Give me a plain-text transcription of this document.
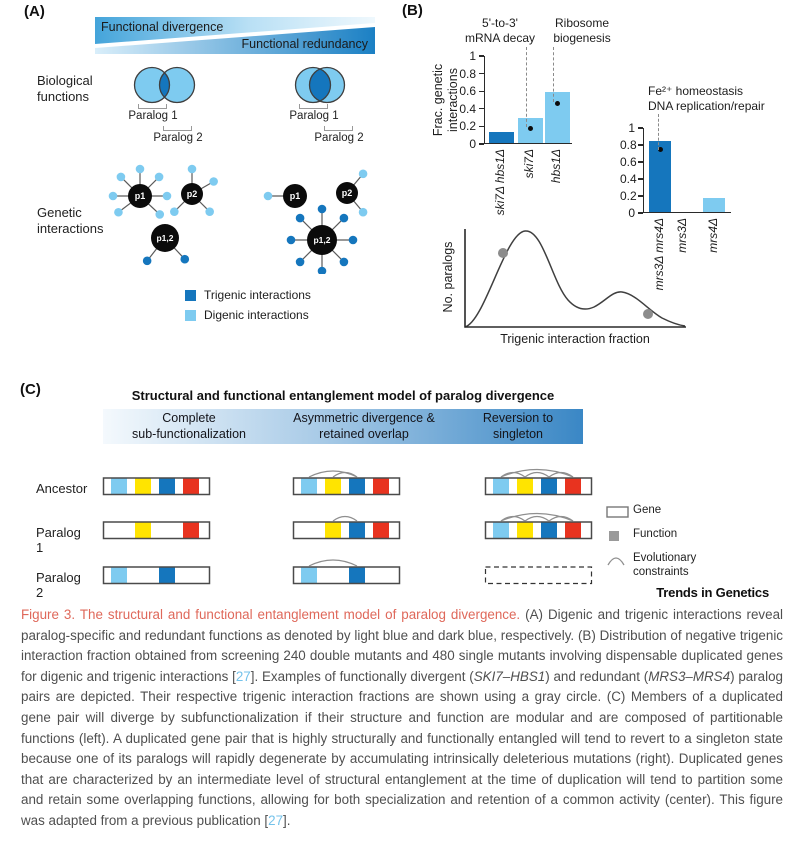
(A)
Functional divergence
Functional redundancy
Biological
functions
Genetic
interactions
Paralog 1
Paralog 2
Paralog 1
Paralog 2
p1	p2
p1,2
p1	p2
p1,2
Trigenic interactions
Digenic interactions
(B)
Frac. genetic interactions
5'-to-3'
mRNA decay
Ribosome
biogenesis
Fe²⁺ homeostasis
DNA replication/repair
No. paralogs
Trigenic interaction fraction
1
0.8
0.6
0.4
0.2
0
ski7Δ hbs1Δ ski7Δ hbs1Δ
1
0.8
0.6
0.4
0.2
0
mrs3Δ mrs4Δ mrs3Δ mrs4Δ
(C)	Structural and functional entanglement model of paralog divergence
Complete
sub-functionalization
Asymmetric divergence &
retained overlap
Reversion to
singleton
Ancestor
Paralog 1
Paralog 2
Gene
Function
Evolutionary
constraints
Trends in Genetics

Figure 3. The structural and functional entanglement model of paralog divergence. (A) Digenic and trigenic interactions reveal paralog-specific and redundant functions as denoted by light blue and dark blue, respectively. (B) Distribution of negative trigenic interaction fraction obtained from screening 240 double mutants and 480 single mutants involving dispensable duplicated genes for digenic and trigenic interactions [27]. Examples of functionally divergent (SKI7–HBS1) and redundant (MRS3–MRS4) paralog pairs are depicted. Their respective trigenic interaction fractions are shown using a gray circle. (C) Members of a duplicated gene pair will diverge by subfunctionalization if their structure and function are modular and are composed of partitionable functions (left). A duplicated gene pair that is highly structurally and functionally entangled will tend to revert to a singleton state because one of its paralogs will rapidly degenerate by accumulating intrinsically deleterious mutations (right). Duplicated genes that are characterized by an intermediate level of structural entanglement at the time of duplication will tend to partition some and retain some overlapping functions, allowing for both specialization and retention of a common activity (center). This figure was adapted from a previous publication [27].
